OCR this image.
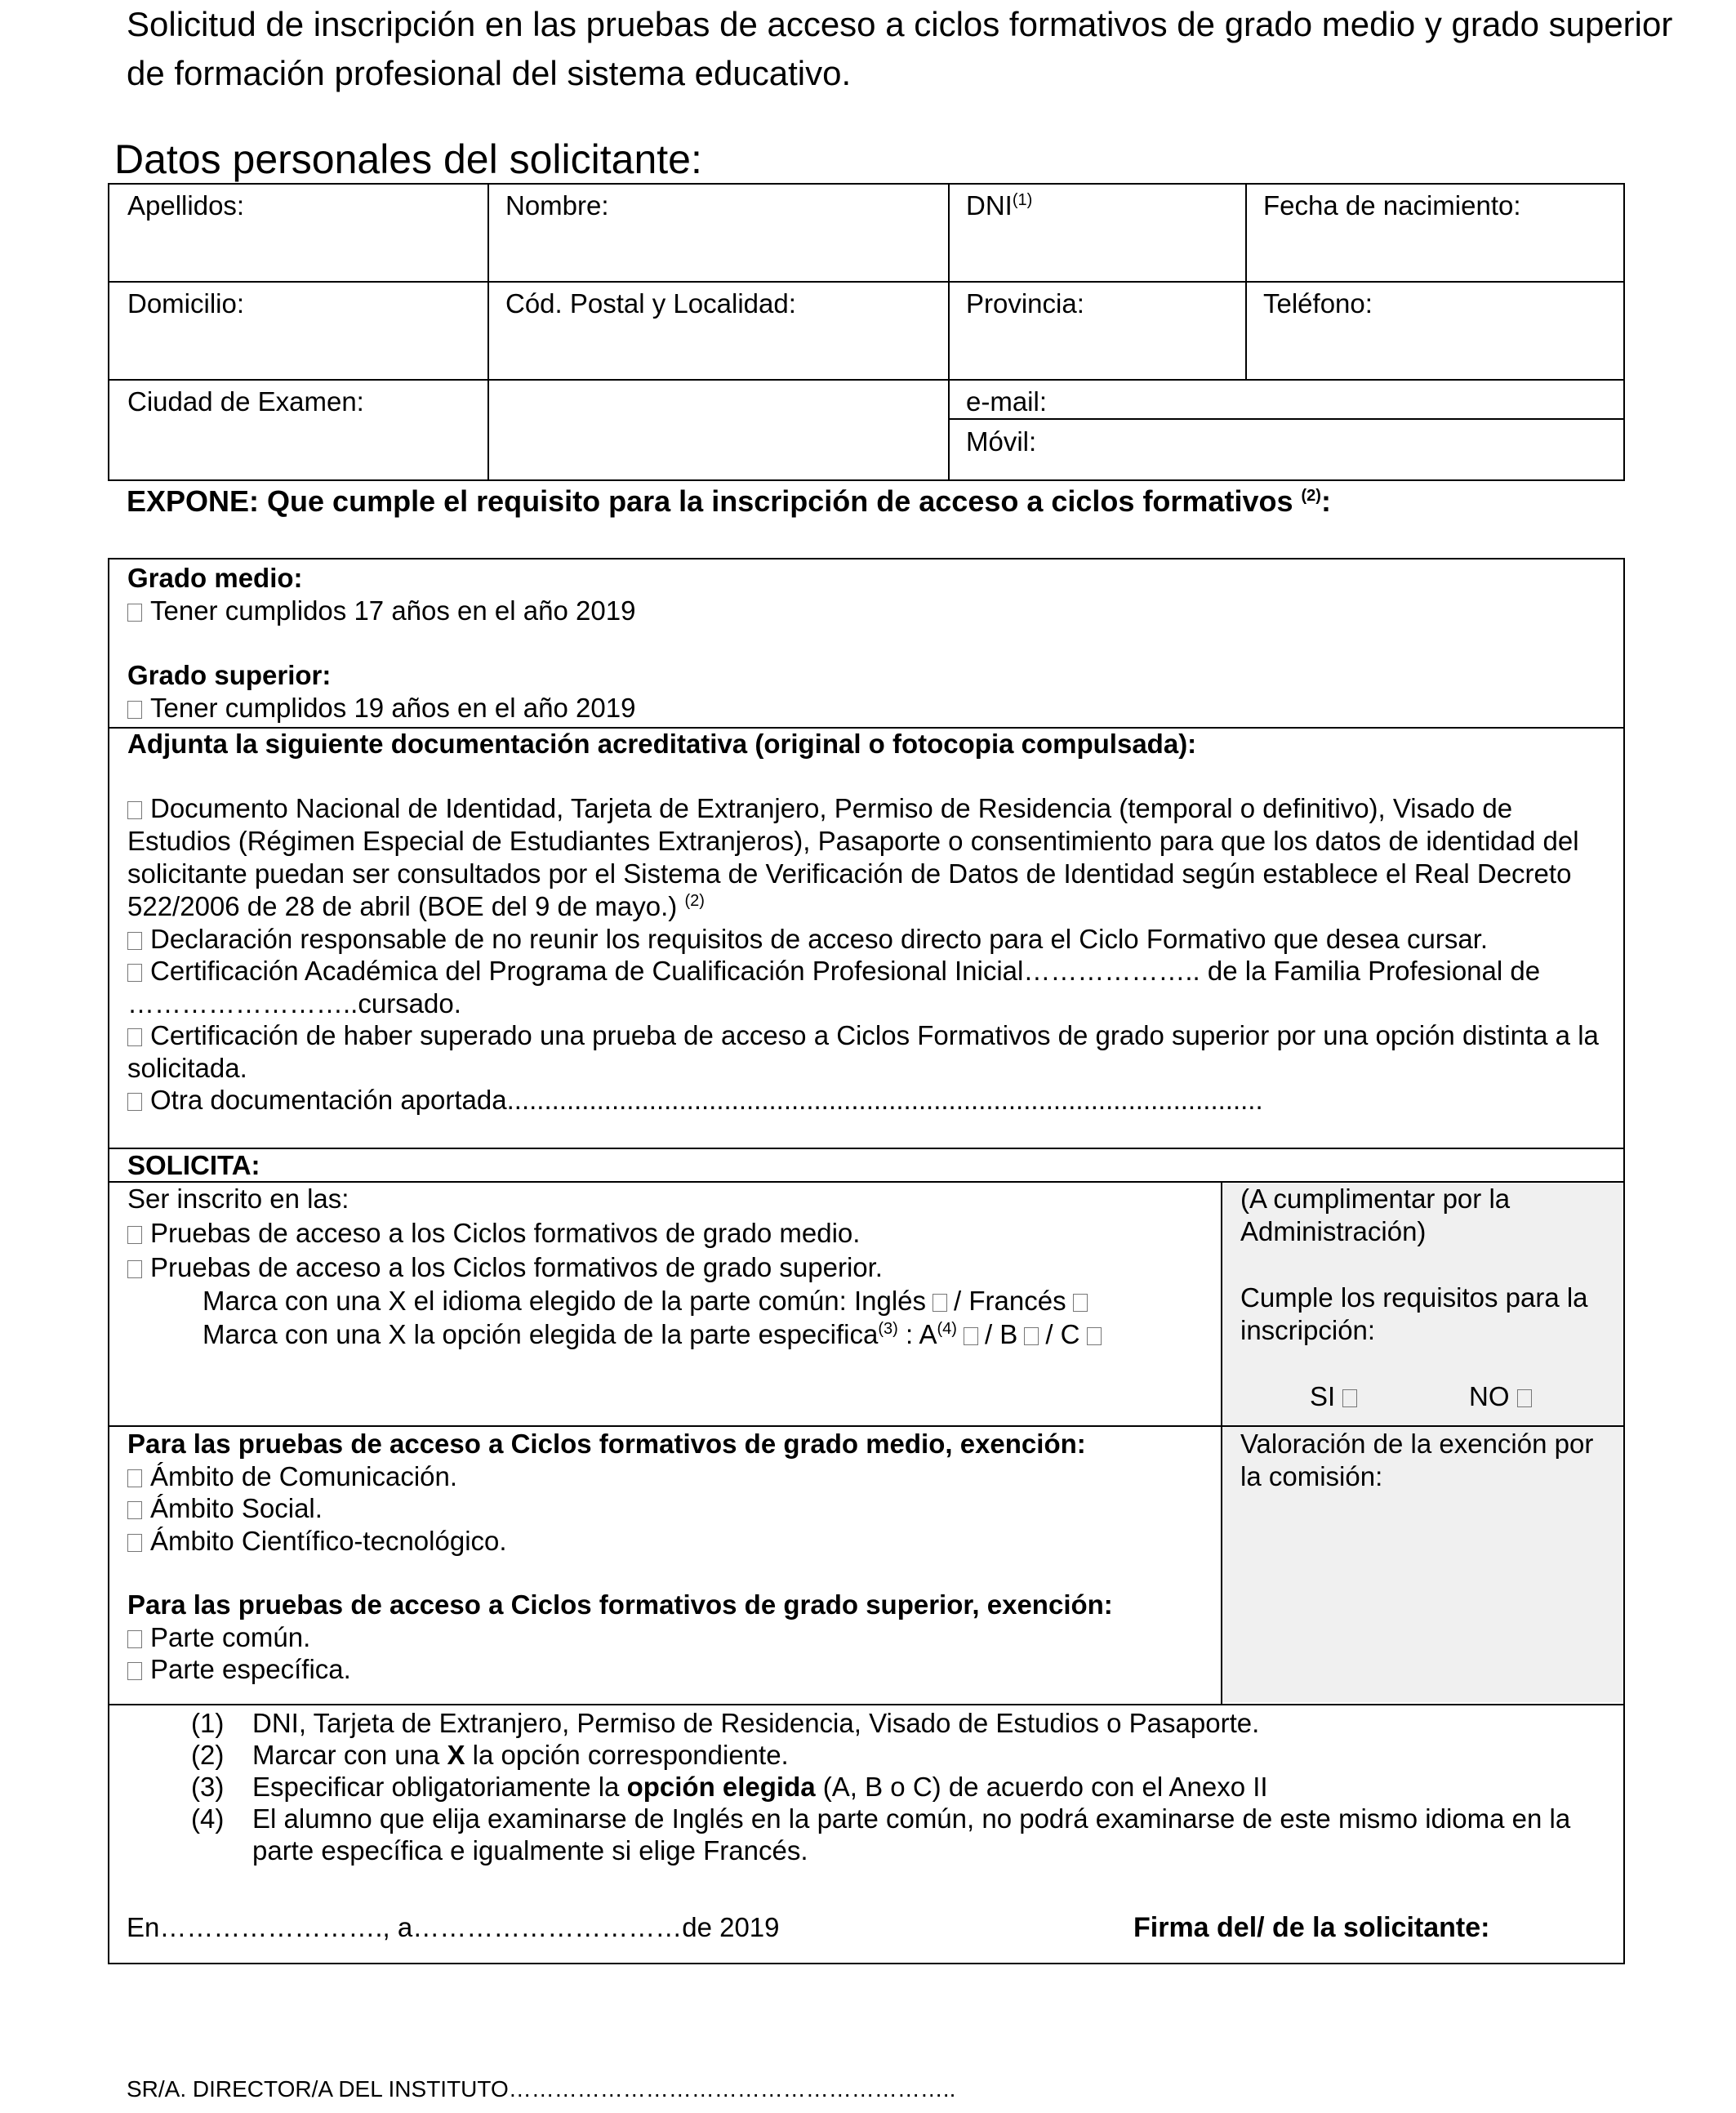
Solicitud de inscripción en las pruebas de acceso a ciclos formativos de grado medio y grado superior de formación profesional del sistema educativo.
Datos personales del solicitante:
Apellidos:	Nombre:	DNI$^{(1)}$	Fecha de nacimiento:
Domicilio:	Cód. Postal y Localidad:	Provincia:	Teléfono:
Ciudad de Examen:	e-mail:
Móvil:
EXPONE: Que cumple el requisito para la inscripción de acceso a ciclos formativos $^{(2)}$:
Grado medio:
Tener cumplidos 17 años en el año 2019
Grado superior:
Tener cumplidos 19 años en el año 2019
Adjunta la siguiente documentación acreditativa (original o fotocopia compulsada):
Documento Nacional de Identidad, Tarjeta de Extranjero, Permiso de Residencia (temporal o definitivo), Visado de Estudios (Régimen Especial de Estudiantes Extranjeros), Pasaporte o consentimiento para que los datos de identidad del solicitante puedan ser consultados por el Sistema de Verificación de Datos de Identidad según establece el Real Decreto 522/2006 de 28 de abril (BOE del 9 de mayo.) $^{(2)}$
Declaración responsable de no reunir los requisitos de acceso directo para el Ciclo Formativo que desea cursar.
Certificación Académica del Programa de Cualificación Profesional Inicial……………….. de la Familia Profesional de
……………………..cursado.
Certificación de haber superado una prueba de acceso a Ciclos Formativos de grado superior por una opción distinta a la solicitada.
Otra documentación aportada.....................................................................................................
SOLICITA:
Ser inscrito en las:
Pruebas de acceso a los Ciclos formativos de grado medio.
Pruebas de acceso a los Ciclos formativos de grado superior.
Marca con una X el idioma elegido de la parte común: Inglés / Francés
Marca con una X la opción elegida de la parte especifica$^{(3)}$ : $A^{(4)}$ / B / C
(A cumplimentar por la Administración)
Cumple los requisitos para la inscripción:
SI	NO
Para las pruebas de acceso a Ciclos formativos de grado medio, exención:
Ámbito de Comunicación.
Ámbito Social.
Ámbito Científico-tecnológico.
Para las pruebas de acceso a Ciclos formativos de grado superior, exención:
Parte común.
Parte específica.
Valoración de la exención por la comisión:
(1) DNI, Tarjeta de Extranjero, Permiso de Residencia, Visado de Estudios o Pasaporte.
(2) Marcar con una X la opción correspondiente.
(3) Especificar obligatoriamente la opción elegida (A, B o C) de acuerdo con el Anexo II
(4) El alumno que elija examinarse de Inglés en la parte común, no podrá examinarse de este mismo idioma en la parte específica e igualmente si elige Francés.
En……………………., a…………………………de 2019	Firma del/ de la solicitante:
SR/A. DIRECTOR/A DEL INSTITUTO…………………………………………………..
